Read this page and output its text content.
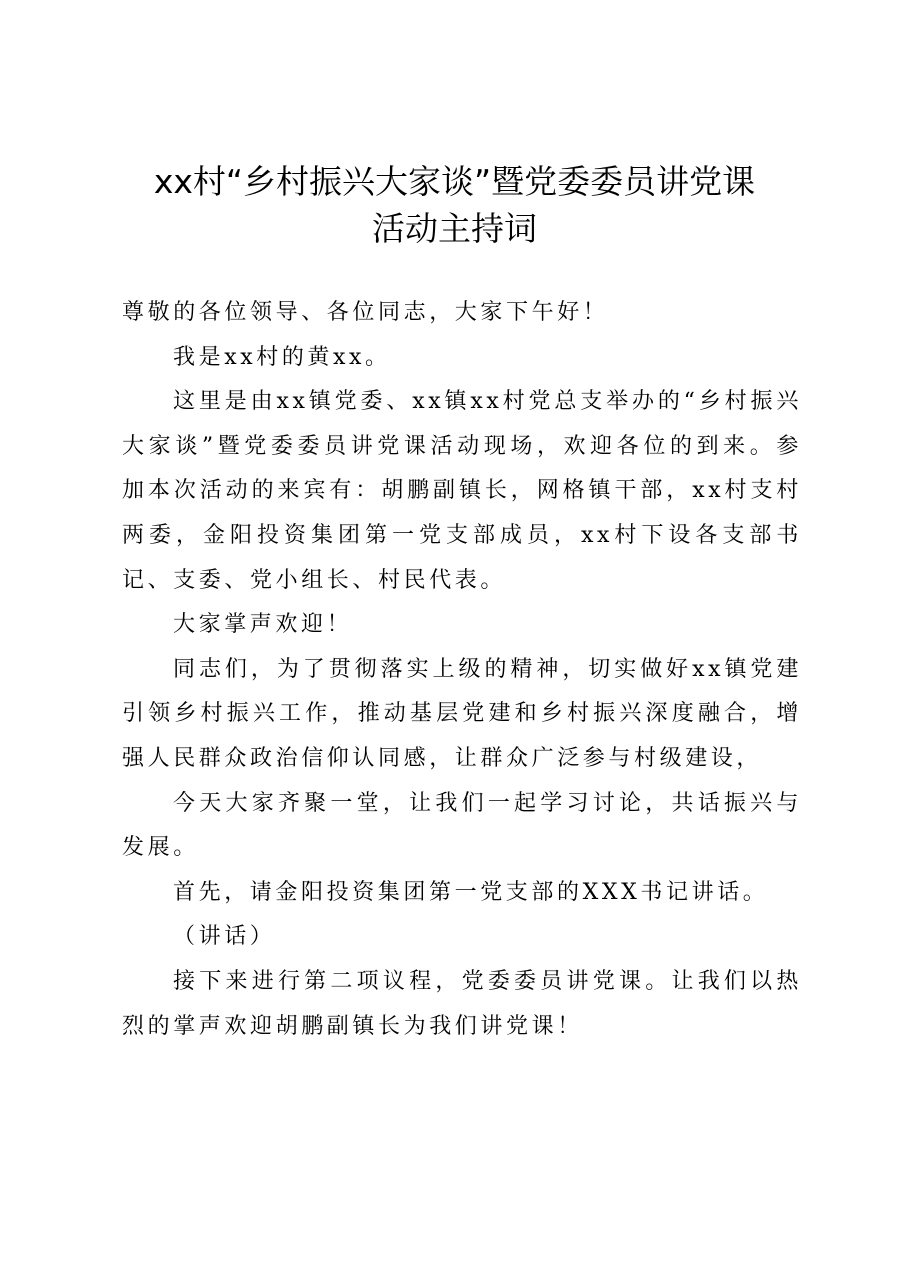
xx村“乡村振兴大家谈”暨党委委员讲党课
活动主持词

尊敬的各位领导、各位同志，大家下午好！

我是xx村的黄xx。

这里是由xx镇党委、xx镇xx村党总支举办的“乡村振兴大家谈”暨党委委员讲党课活动现场，欢迎各位的到来。参加本次活动的来宾有：胡鹏副镇长，网格镇干部，xx村支村两委，金阳投资集团第一党支部成员，xx村下设各支部书记、支委、党小组长、村民代表。

大家掌声欢迎！

同志们，为了贯彻落实上级的精神，切实做好xx镇党建引领乡村振兴工作，推动基层党建和乡村振兴深度融合，增强人民群众政治信仰认同感，让群众广泛参与村级建设，

今天大家齐聚一堂，让我们一起学习讨论，共话振兴与发展。

首先，请金阳投资集团第一党支部的XXX书记讲话。

（讲话）

接下来进行第二项议程，党委委员讲党课。让我们以热烈的掌声欢迎胡鹏副镇长为我们讲党课！
